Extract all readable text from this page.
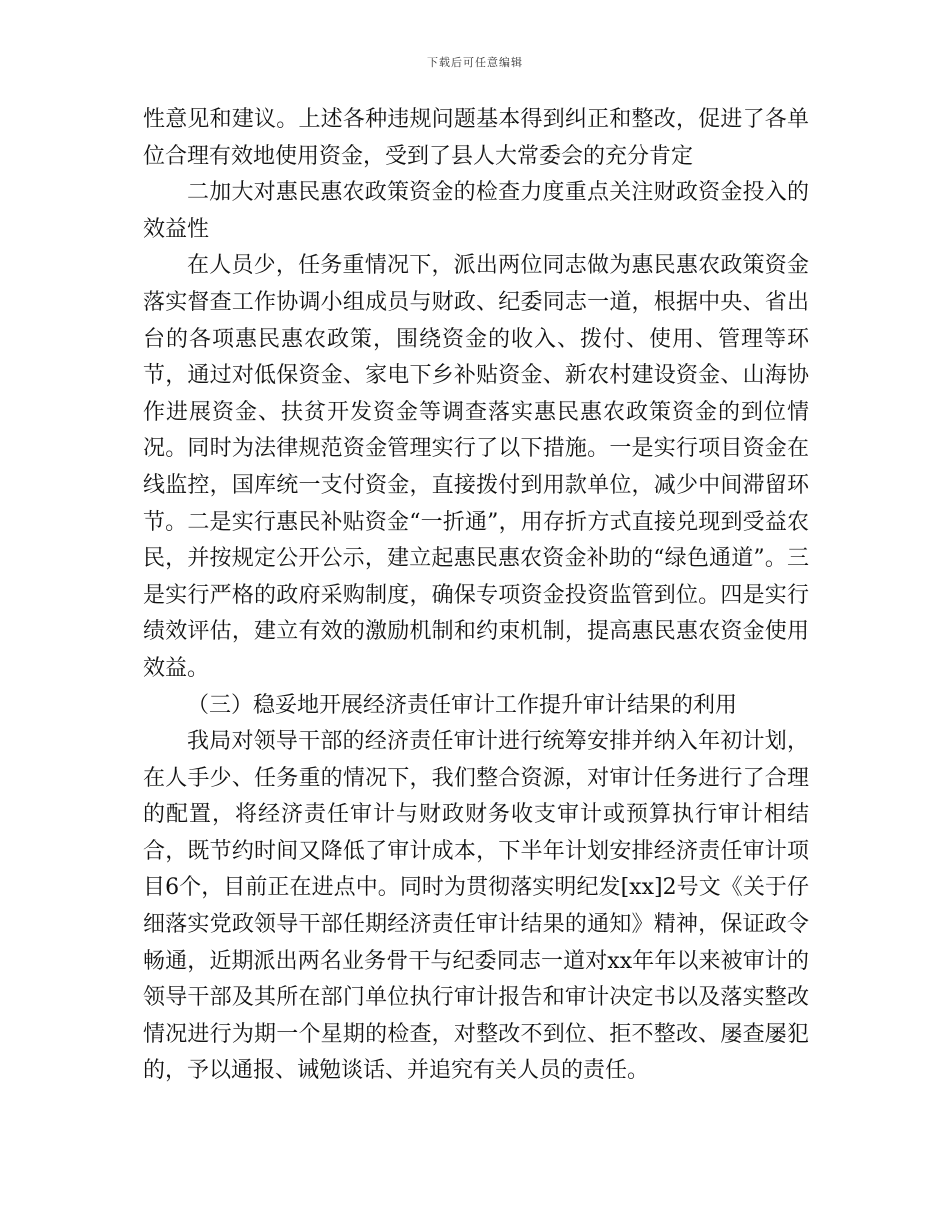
下载后可任意编辑

性意见和建议。上述各种违规问题基本得到纠正和整改，促进了各单位合理有效地使用资金，受到了县人大常委会的充分肯定

二加大对惠民惠农政策资金的检查力度重点关注财政资金投入的效益性

在人员少，任务重情况下，派出两位同志做为惠民惠农政策资金落实督查工作协调小组成员与财政、纪委同志一道，根据中央、省出台的各项惠民惠农政策，围绕资金的收入、拨付、使用、管理等环节，通过对低保资金、家电下乡补贴资金、新农村建设资金、山海协作进展资金、扶贫开发资金等调查落实惠民惠农政策资金的到位情况。同时为法律规范资金管理实行了以下措施。一是实行项目资金在线监控，国库统一支付资金，直接拨付到用款单位，减少中间滞留环节。二是实行惠民补贴资金“一折通”，用存折方式直接兑现到受益农民，并按规定公开公示，建立起惠民惠农资金补助的“绿色通道”。三是实行严格的政府采购制度，确保专项资金投资监管到位。四是实行绩效评估，建立有效的激励机制和约束机制，提高惠民惠农资金使用效益。

（三）稳妥地开展经济责任审计工作提升审计结果的利用

我局对领导干部的经济责任审计进行统筹安排并纳入年初计划，在人手少、任务重的情况下，我们整合资源，对审计任务进行了合理的配置，将经济责任审计与财政财务收支审计或预算执行审计相结合，既节约时间又降低了审计成本，下半年计划安排经济责任审计项目6个，目前正在进点中。同时为贯彻落实明纪发[xx]2号文《关于仔细落实党政领导干部任期经济责任审计结果的通知》精神，保证政令畅通，近期派出两名业务骨干与纪委同志一道对xx年年以来被审计的领导干部及其所在部门单位执行审计报告和审计决定书以及落实整改情况进行为期一个星期的检查，对整改不到位、拒不整改、屡查屡犯的，予以通报、诫勉谈话、并追究有关人员的责任。
